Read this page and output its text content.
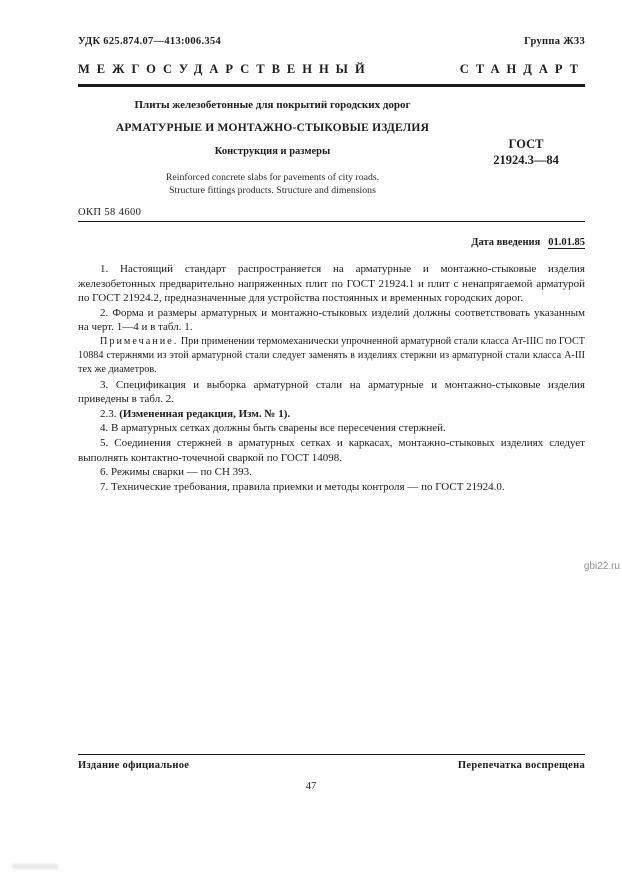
УДК 625.874.07—413:006.354	Группа Ж33
МЕЖГОСУДАРСТВЕННЫЙ	СТАНДАРТ
Плиты железобетонные для покрытий городских дорог
АРМАТУРНЫЕ И МОНТАЖНО-СТЫКОВЫЕ ИЗДЕЛИЯ
Конструкция и размеры
Reinforced concrete slabs for pavements of city roads.
Structure fittings products. Structure and dimensions
ГОСТ
21924.3—84
ОКП 58 4600
Дата введения 01.01.85

1. Настоящий стандарт распространяется на арматурные и монтажно-стыковые изделия железобетонных предварительно напряженных плит по ГОСТ 21924.1 и плит с ненапрягаемой арматурой по ГОСТ 21924.2, предназначенные для устройства постоянных и временных городских дорог.

2. Форма и размеры арматурных и монтажно-стыковых изделий должны соответствовать указанным на черт. 1—4 и в табл. 1.

Примечание. При применении термомеханически упрочненной арматурной стали класса Ат-IIIС по ГОСТ 10884 стержнями из этой арматурной стали следует заменять в изделиях стержни из арматурной стали класса А-III тех же диаметров.

3. Спецификация и выборка арматурной стали на арматурные и монтажно-стыковые изделия приведены в табл. 2.

2.3. (Измененная редакция, Изм. № 1).

4. В арматурных сетках должны быть сварены все пересечения стержней.

5. Соединения стержней в арматурных сетках и каркасах, монтажно-стыковых изделиях следует выполнять контактно-точечной сваркой по ГОСТ 14098.

6. Режимы сварки — по СН 393.

7. Технические требования, правила приемки и методы контроля — по ГОСТ 21924.0.

gbi22.ru
Издание официальное	Перепечатка воспрещена
47
